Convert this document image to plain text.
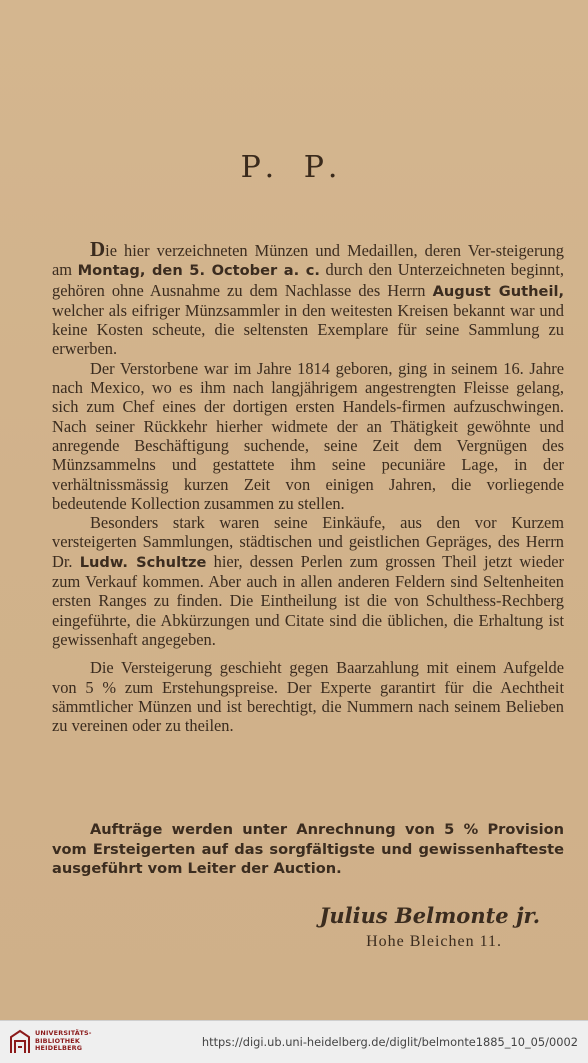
P. P.

Die hier verzeichneten Münzen und Medaillen, deren Ver-steigerung am Montag, den 5. October a. c. durch den Unterzeichneten beginnt, gehören ohne Ausnahme zu dem Nachlasse des Herrn August Gutheil, welcher als eifriger Münzsammler in den weitesten Kreisen bekannt war und keine Kosten scheute, die seltensten Exemplare für seine Sammlung zu erwerben.

Der Verstorbene war im Jahre 1814 geboren, ging in seinem 16. Jahre nach Mexico, wo es ihm nach langjährigem angestrengten Fleisse gelang, sich zum Chef eines der dortigen ersten Handels-firmen aufzuschwingen. Nach seiner Rückkehr hierher widmete der an Thätigkeit gewöhnte und anregende Beschäftigung suchende, seine Zeit dem Vergnügen des Münzsammelns und gestattete ihm seine pecuniäre Lage, in der verhältnissmässig kurzen Zeit von einigen Jahren, die vorliegende bedeutende Kollection zusammen zu stellen.

Besonders stark waren seine Einkäufe, aus den vor Kurzem versteigerten Sammlungen, städtischen und geistlichen Gepräges, des Herrn Dr. Ludw. Schultze hier, dessen Perlen zum grossen Theil jetzt wieder zum Verkauf kommen. Aber auch in allen anderen Feldern sind Seltenheiten ersten Ranges zu finden. Die Eintheilung ist die von Schulthess-Rechberg eingeführte, die Abkürzungen und Citate sind die üblichen, die Erhaltung ist gewissenhaft angegeben.

Die Versteigerung geschieht gegen Baarzahlung mit einem Aufgelde von 5 % zum Erstehungspreise. Der Experte garantirt für die Aechtheit sämmtlicher Münzen und ist berechtigt, die Nummern nach seinem Belieben zu vereinen oder zu theilen.

Aufträge werden unter Anrechnung von 5 % Provision vom Ersteigerten auf das sorgfältigste und gewissenhafteste ausgeführt vom Leiter der Auction.
Julius Belmonte jr.
Hohe Bleichen 11.
UNIVERSITÄTS-
BIBLIOTHEK
HEIDELBERG	https://digi.ub.uni-heidelberg.de/diglit/belmonte1885_10_05/0002
